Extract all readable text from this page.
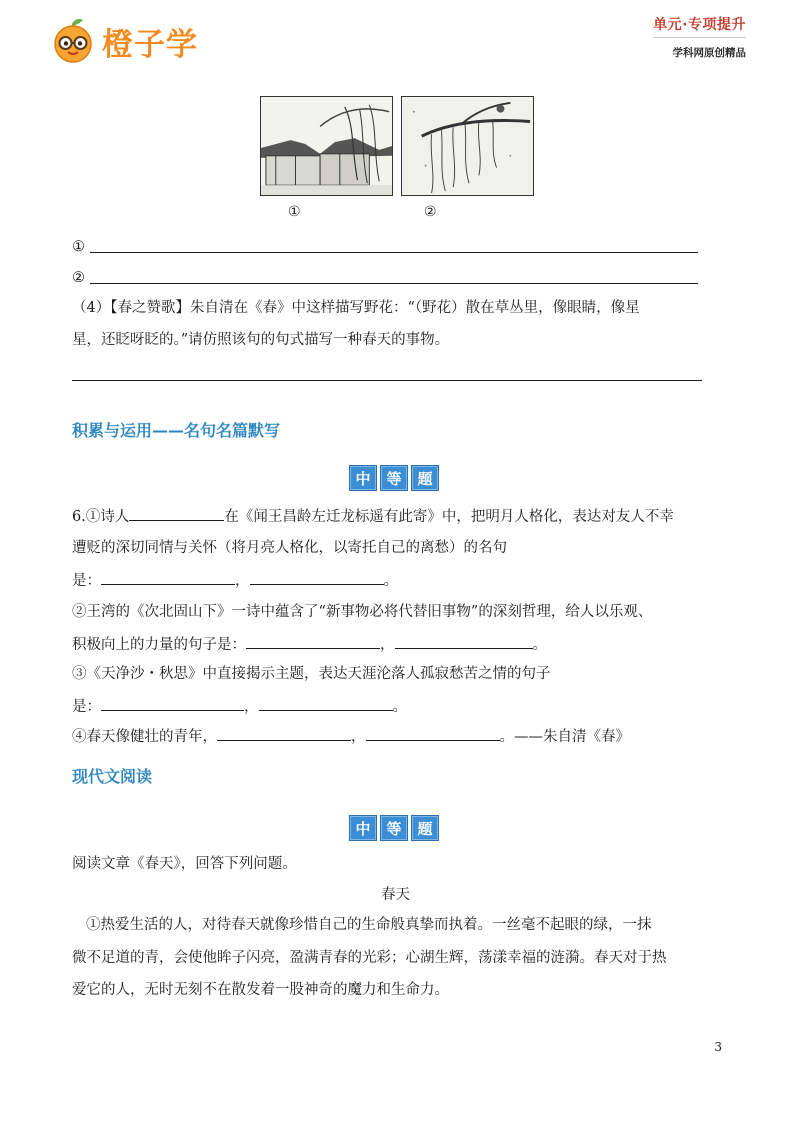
橙子学
单元·专项提升
学科网原创精品
①	②
①
②
（4）【春之赞歌】朱自清在《春》中这样描写野花：“（野花）散在草丛里，像眼睛，像星
星，还眨呀眨的。”请仿照该句的句式描写一种春天的事物。
积累与运用——名句名篇默写
中	等	题
6.①诗人	在《闻王昌龄左迁龙标遥有此寄》中，把明月人格化，表达对友人不幸
遭贬的深切同情与关怀（将月亮人格化，以寄托自己的离愁）的名句
是：	，	。
②王湾的《次北固山下》一诗中蕴含了“新事物必将代替旧事物”的深刻哲理，给人以乐观、
积极向上的力量的句子是：	，	。
③《天净沙・秋思》中直接揭示主题，表达天涯沦落人孤寂愁苦之情的句子
是：	，	。
④春天像健壮的青年，	，	。——朱自清《春》
现代文阅读
中	等	题
阅读文章《春天》，回答下列问题。
春天
①热爱生活的人，对待春天就像珍惜自己的生命般真挚而执着。一丝毫不起眼的绿，一抹
微不足道的青，会使他眸子闪亮，盈满青春的光彩；心湖生辉，荡漾幸福的涟漪。春天对于热
爱它的人，无时无刻不在散发着一股神奇的魔力和生命力。
3
